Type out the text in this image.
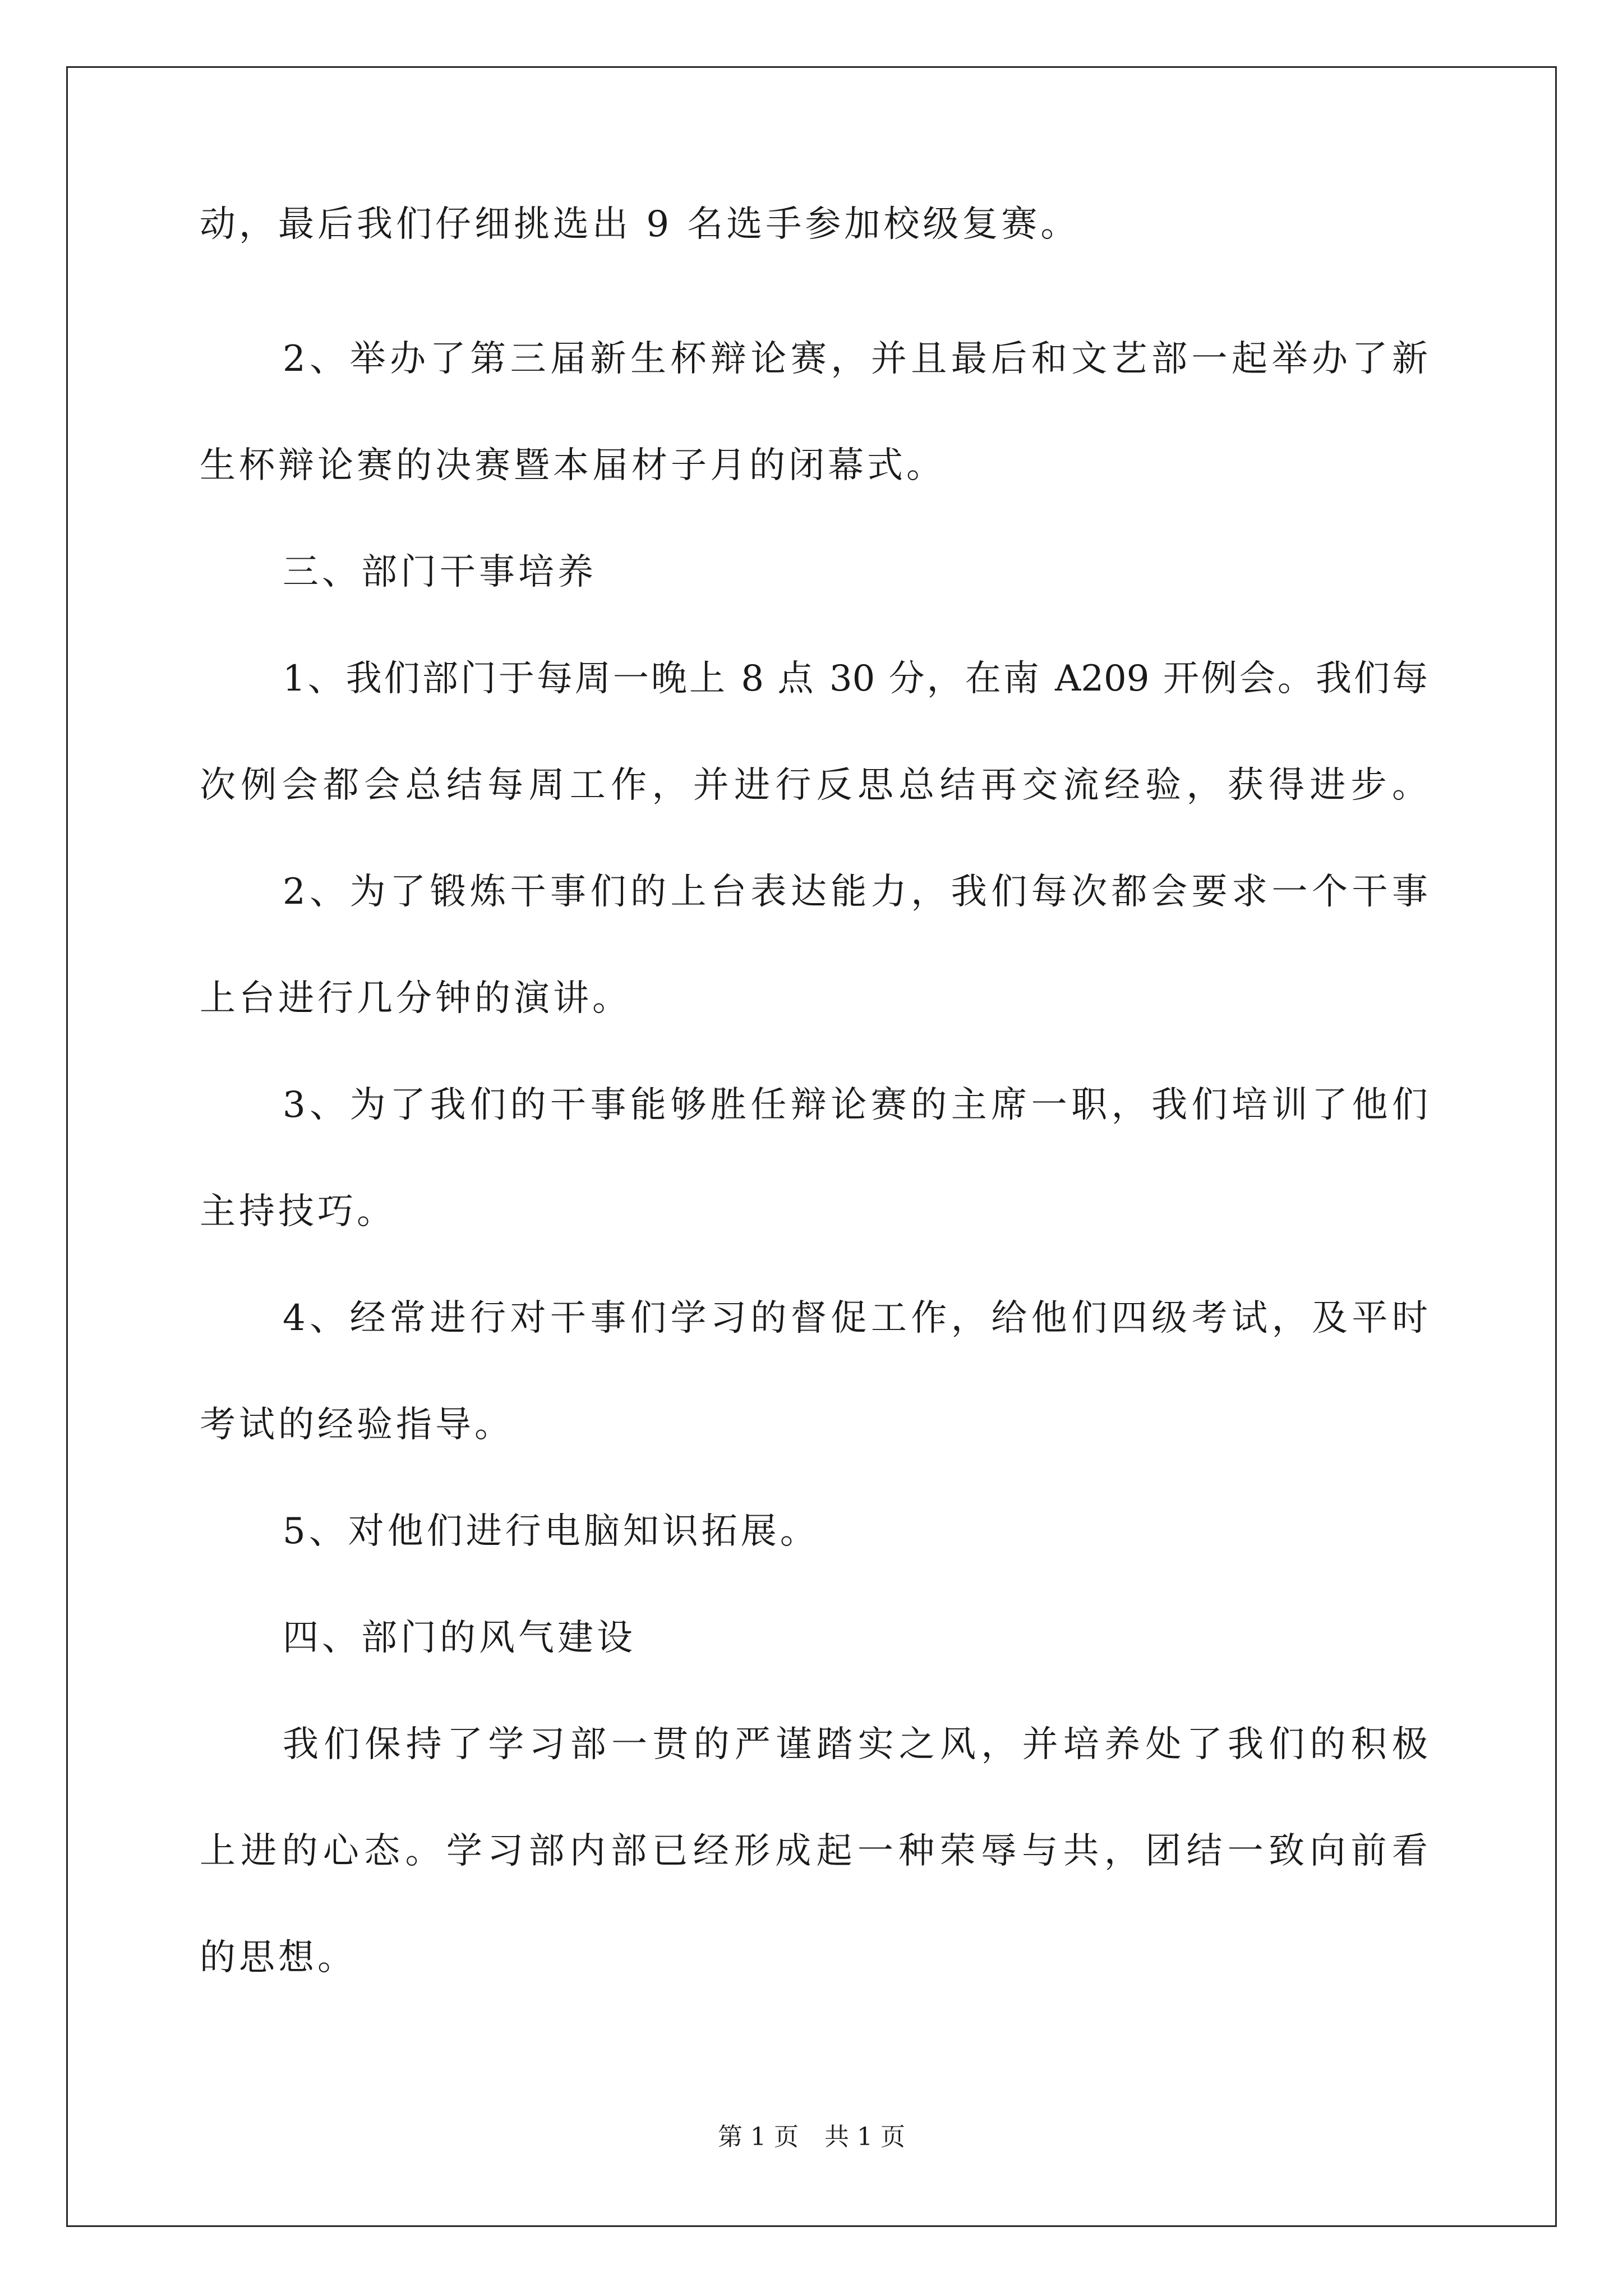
动，最后我们仔细挑选出 9 名选手参加校级复赛。
2、举办了第三届新生杯辩论赛，并且最后和文艺部一起举办了新
生杯辩论赛的决赛暨本届材子月的闭幕式。
三、部门干事培养
1、我们部门于每周一晚上 8 点 30 分，在南 A209 开例会。我们每
次例会都会总结每周工作，并进行反思总结再交流经验，获得进步。
2、为了锻炼干事们的上台表达能力，我们每次都会要求一个干事
上台进行几分钟的演讲。
3、为了我们的干事能够胜任辩论赛的主席一职，我们培训了他们
主持技巧。
4、经常进行对干事们学习的督促工作，给他们四级考试，及平时
考试的经验指导。
5、对他们进行电脑知识拓展。
四、部门的风气建设
我们保持了学习部一贯的严谨踏实之风，并培养处了我们的积极
上进的心态。学习部内部已经形成起一种荣辱与共，团结一致向前看
的思想。
第 1 页 共 1 页
